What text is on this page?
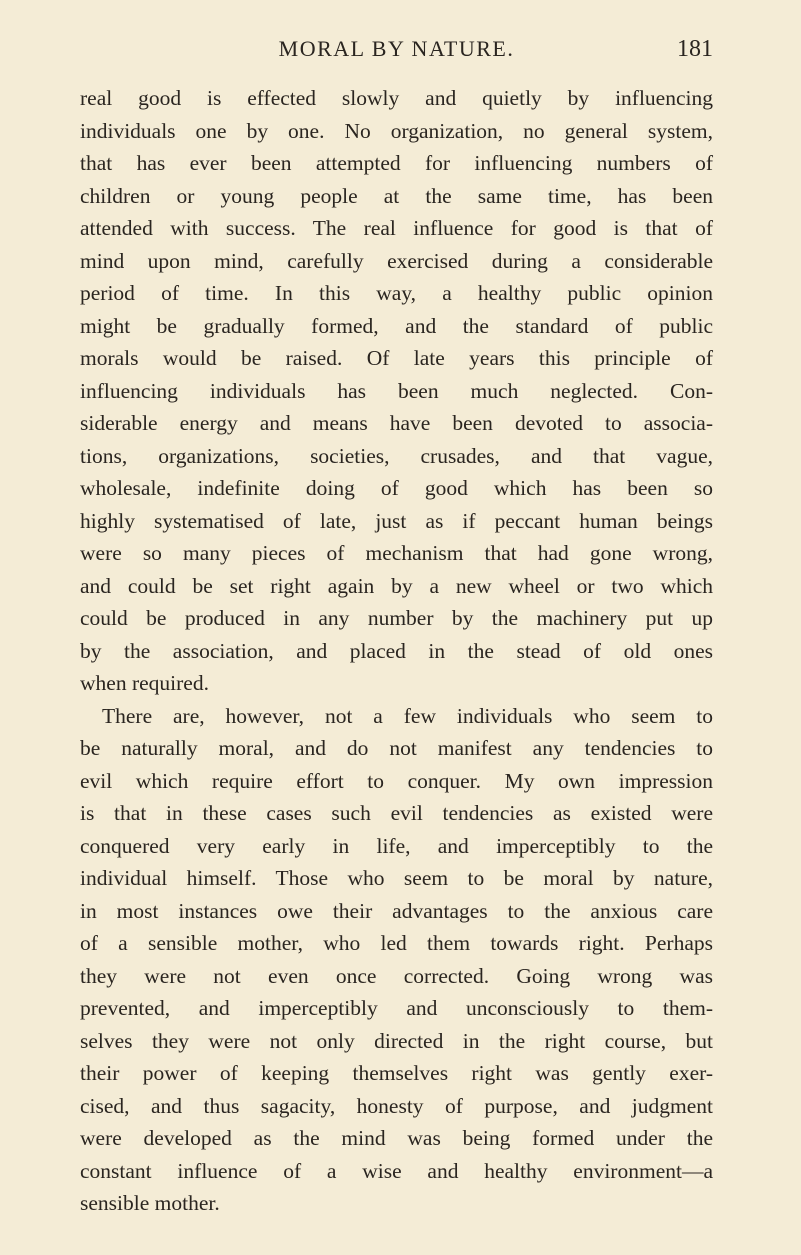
MORAL BY NATURE.	181
real good is effected slowly and quietly by influencing
individuals one by one. No organization, no general system,
that has ever been attempted for influencing numbers of
children or young people at the same time, has been
attended with success. The real influence for good is that of
mind upon mind, carefully exercised during a considerable
period of time. In this way, a healthy public opinion
might be gradually formed, and the standard of public
morals would be raised. Of late years this principle of
influencing individuals has been much neglected. Con-
siderable energy and means have been devoted to associa-
tions, organizations, societies, crusades, and that vague,
wholesale, indefinite doing of good which has been so
highly systematised of late, just as if peccant human beings
were so many pieces of mechanism that had gone wrong,
and could be set right again by a new wheel or two which
could be produced in any number by the machinery put up
by the association, and placed in the stead of old ones
when required.
There are, however, not a few individuals who seem to
be naturally moral, and do not manifest any tendencies to
evil which require effort to conquer. My own impression
is that in these cases such evil tendencies as existed were
conquered very early in life, and imperceptibly to the
individual himself. Those who seem to be moral by nature,
in most instances owe their advantages to the anxious care
of a sensible mother, who led them towards right. Perhaps
they were not even once corrected. Going wrong was
prevented, and imperceptibly and unconsciously to them-
selves they were not only directed in the right course, but
their power of keeping themselves right was gently exer-
cised, and thus sagacity, honesty of purpose, and judgment
were developed as the mind was being formed under the
constant influence of a wise and healthy environment—a
sensible mother.
